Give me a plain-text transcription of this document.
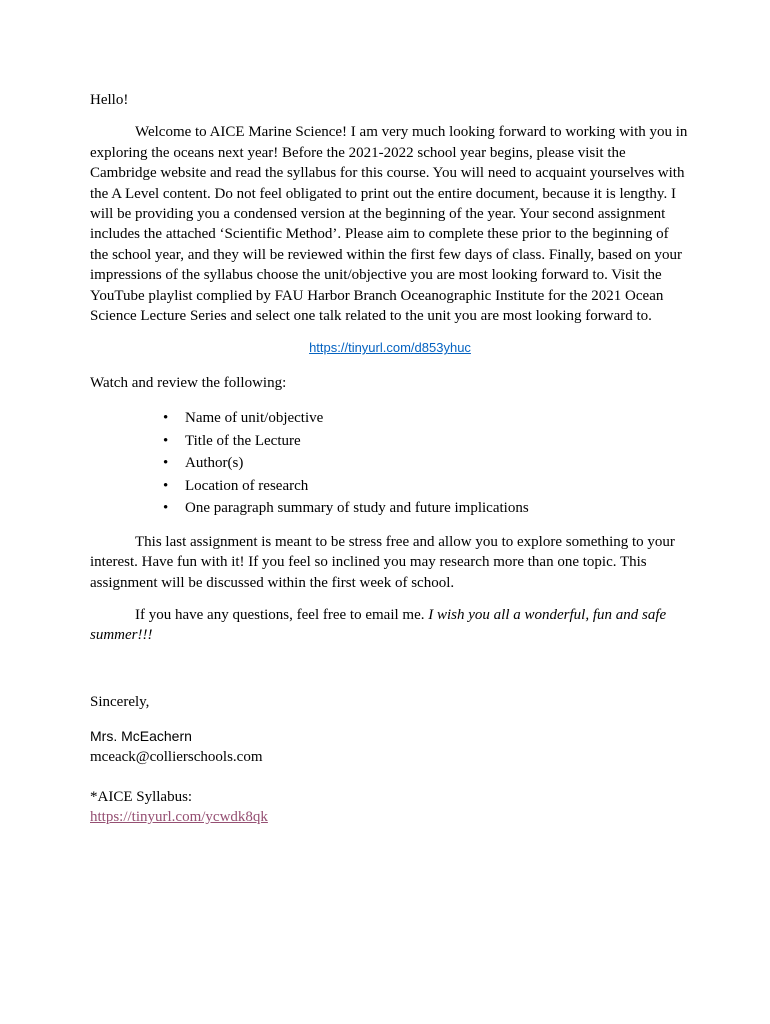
Hello!

Welcome to AICE Marine Science! I am very much looking forward to working with you in exploring the oceans next year! Before the 2021-2022 school year begins, please visit the Cambridge website and read the syllabus for this course. You will need to acquaint yourselves with the A Level content. Do not feel obligated to print out the entire document, because it is lengthy. I will be providing you a condensed version at the beginning of the year. Your second assignment includes the attached ‘Scientific Method’. Please aim to complete these prior to the beginning of the school year, and they will be reviewed within the first few days of class. Finally, based on your impressions of the syllabus choose the unit/objective you are most looking forward to. Visit the YouTube playlist complied by FAU Harbor Branch Oceanographic Institute for the 2021 Ocean Science Lecture Series and select one talk related to the unit you are most looking forward to.

https://tinyurl.com/d853yhuc

Watch and review the following:

• Name of unit/objective
• Title of the Lecture
• Author(s)
• Location of research
• One paragraph summary of study and future implications

This last assignment is meant to be stress free and allow you to explore something to your interest. Have fun with it! If you feel so inclined you may research more than one topic. This assignment will be discussed within the first week of school.

If you have any questions, feel free to email me. I wish you all a wonderful, fun and safe summer!!!

Sincerely,

Mrs. McEachern

mceack@collierschools.com

*AICE Syllabus:

https://tinyurl.com/ycwdk8qk
